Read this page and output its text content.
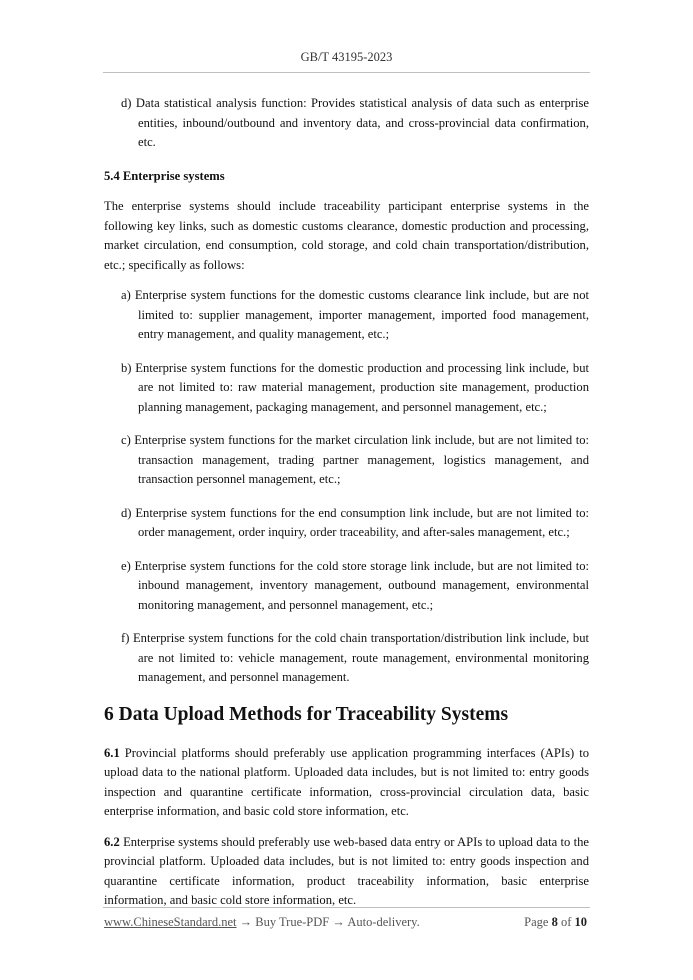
GB/T 43195-2023

d) Data statistical analysis function: Provides statistical analysis of data such as enterprise entities, inbound/outbound and inventory data, and cross-provincial data confirmation, etc.

5.4 Enterprise systems

The enterprise systems should include traceability participant enterprise systems in the following key links, such as domestic customs clearance, domestic production and processing, market circulation, end consumption, cold storage, and cold chain transportation/distribution, etc.; specifically as follows:

a) Enterprise system functions for the domestic customs clearance link include, but are not limited to: supplier management, importer management, imported food management, entry management, and quality management, etc.;

b) Enterprise system functions for the domestic production and processing link include, but are not limited to: raw material management, production site management, production planning management, packaging management, and personnel management, etc.;

c) Enterprise system functions for the market circulation link include, but are not limited to: transaction management, trading partner management, logistics management, and transaction personnel management, etc.;

d) Enterprise system functions for the end consumption link include, but are not limited to: order management, order inquiry, order traceability, and after-sales management, etc.;

e) Enterprise system functions for the cold store storage link include, but are not limited to: inbound management, inventory management, outbound management, environmental monitoring management, and personnel management, etc.;

f) Enterprise system functions for the cold chain transportation/distribution link include, but are not limited to: vehicle management, route management, environmental monitoring management, and personnel management.

6 Data Upload Methods for Traceability Systems

6.1 Provincial platforms should preferably use application programming interfaces (APIs) to upload data to the national platform. Uploaded data includes, but is not limited to: entry goods inspection and quarantine certificate information, cross-provincial circulation data, basic enterprise information, and basic cold store information, etc.

6.2 Enterprise systems should preferably use web-based data entry or APIs to upload data to the provincial platform. Uploaded data includes, but is not limited to: entry goods inspection and quarantine certificate information, product traceability information, basic enterprise information, and basic cold store information, etc.

www.ChineseStandard.net → Buy True-PDF → Auto-delivery.	Page 8 of 10
